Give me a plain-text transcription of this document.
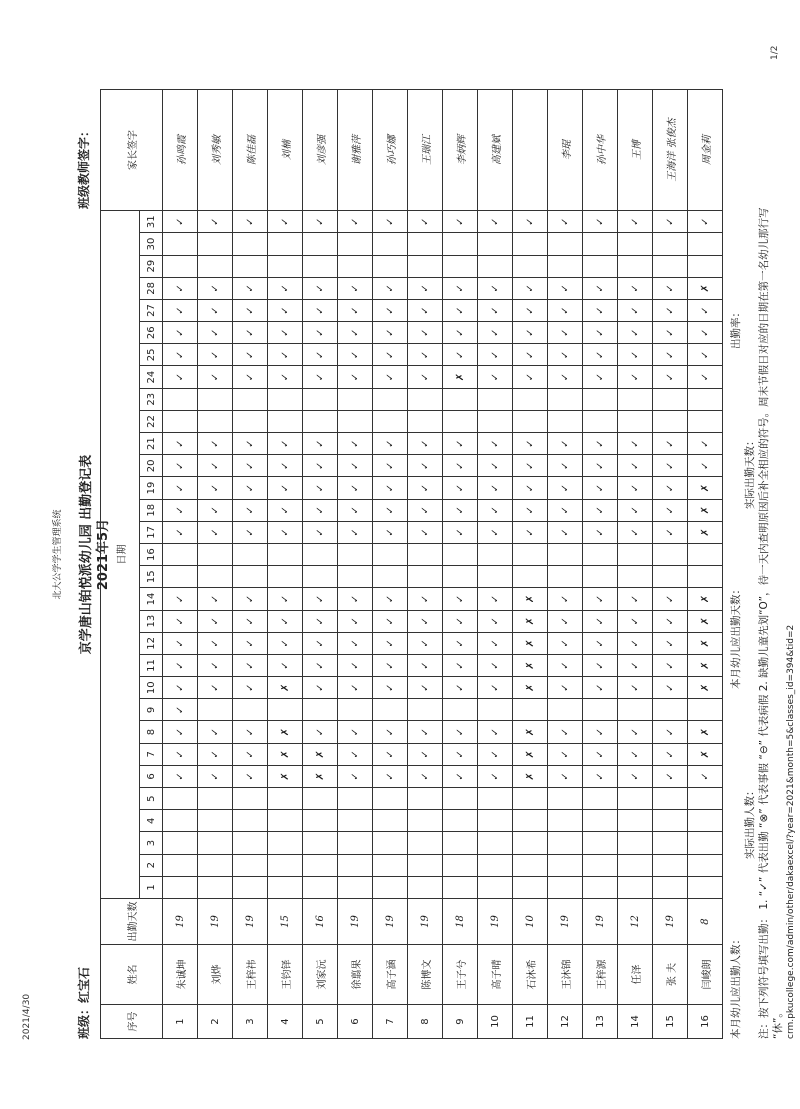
2021/4/30
1/2
北大公学学生管理系统	京学唐山铂悦派幼儿园 出勤登记表 2021年5月
班级：红宝石
班级教师签字：
序号	姓名	出勤天数	日期																															家长签字
			1	2	3	4	5	6	7	8	9	10	11	12	13	14	15	16	17	18	19	20	21	22	23	24	25	26	27	28	29	30	31	
1	朱诚坤	19						✓	✓	✓	✓	✓	✓	✓	✓	✓			✓	✓	✓	✓	✓			✓	✓	✓	✓	✓			✓	孙鸣霞
2	刘烨	19						✓	✓	✓		✓	✓	✓	✓	✓			✓	✓	✓	✓	✓			✓	✓	✓	✓	✓			✓	刘秀敏
3	王梓祎	19						✓	✓	✓		✓	✓	✓	✓	✓			✓	✓	✓	✓	✓			✓	✓	✓	✓	✓			✓	陈佳磊
4	王钧铎	15						✗	✗	✗		✗	✓	✓	✓	✓			✓	✓	✓	✓	✓			✓	✓	✓	✓	✓			✓	刘楠
5	刘家沅	16						✗	✗	✓		✓	✓	✓	✓	✓			✓	✓	✓	✓	✓			✓	✓	✓	✓	✓			✓	刘彦强
6	徐翦果	19						✓	✓	✓		✓	✓	✓	✓	✓			✓	✓	✓	✓	✓			✓	✓	✓	✓	✓			✓	谢雅萍
7	高子涵	19						✓	✓	✓		✓	✓	✓	✓	✓			✓	✓	✓	✓	✓			✓	✓	✓	✓	✓			✓	孙巧娜
8	陈博文	19						✓	✓	✓		✓	✓	✓	✓	✓			✓	✓	✓	✓	✓			✓	✓	✓	✓	✓			✓	王瑞江
9	王子兮	18						✓	✓	✓		✓	✓	✓	✓	✓			✓	✓	✓	✓	✓			✗	✓	✓	✓	✓			✓	李炳辉
10	高子晴	19						✓	✓	✓		✓	✓	✓	✓	✓			✓	✓	✓	✓	✓			✓	✓	✓	✓	✓			✓	高建斌
11	石沐希	10						✗	✗	✗		✗	✗	✗	✗	✗			✓	✓	✓	✓	✓			✓	✓	✓	✓	✓			✓	
12	王沐锦	19						✓	✓	✓		✓	✓	✓	✓	✓			✓	✓	✓	✓	✓			✓	✓	✓	✓	✓			✓	李琨
13	王梓源	19						✓	✓	✓		✓	✓	✓	✓	✓			✓	✓	✓	✓	✓			✓	✓	✓	✓	✓			✓	孙中华
14	任泽	12						✓	✓	✓		✓	✓	✓	✓	✓			✓	✓	✓	✓	✓			✓	✓	✓	✓	✓			✓	王博
15	张 夫	19						✓	✓	✓		✓	✓	✓	✓	✓			✓	✓	✓	✓	✓			✓	✓	✓	✓	✓			✓	王海洋 张俊杰
16	闫峻朗	8						✓	✗	✗		✗	✗	✗	✗	✗			✗	✗	✗	✓	✓			✓	✓	✓	✓	✗			✓	周金莉
本月幼儿应出勤人数：
本月幼儿应出勤天数：
出勤率：
实际出勤人数：
实际出勤天数： 注：按下列符号填写出勤： 1. “✓” 代表出勤 “⊗” 代表事假 “⊖” 代表病假 2. 缺勤儿童先划“O”，待一天内查明原因后补全相应的符号。周末节假日对应的日期在第一名幼儿那行写 “休”。 crm.pkucollege.com/admin/other/dakaexcel/?year=2021&month=5&classes_id=394&tid=2
